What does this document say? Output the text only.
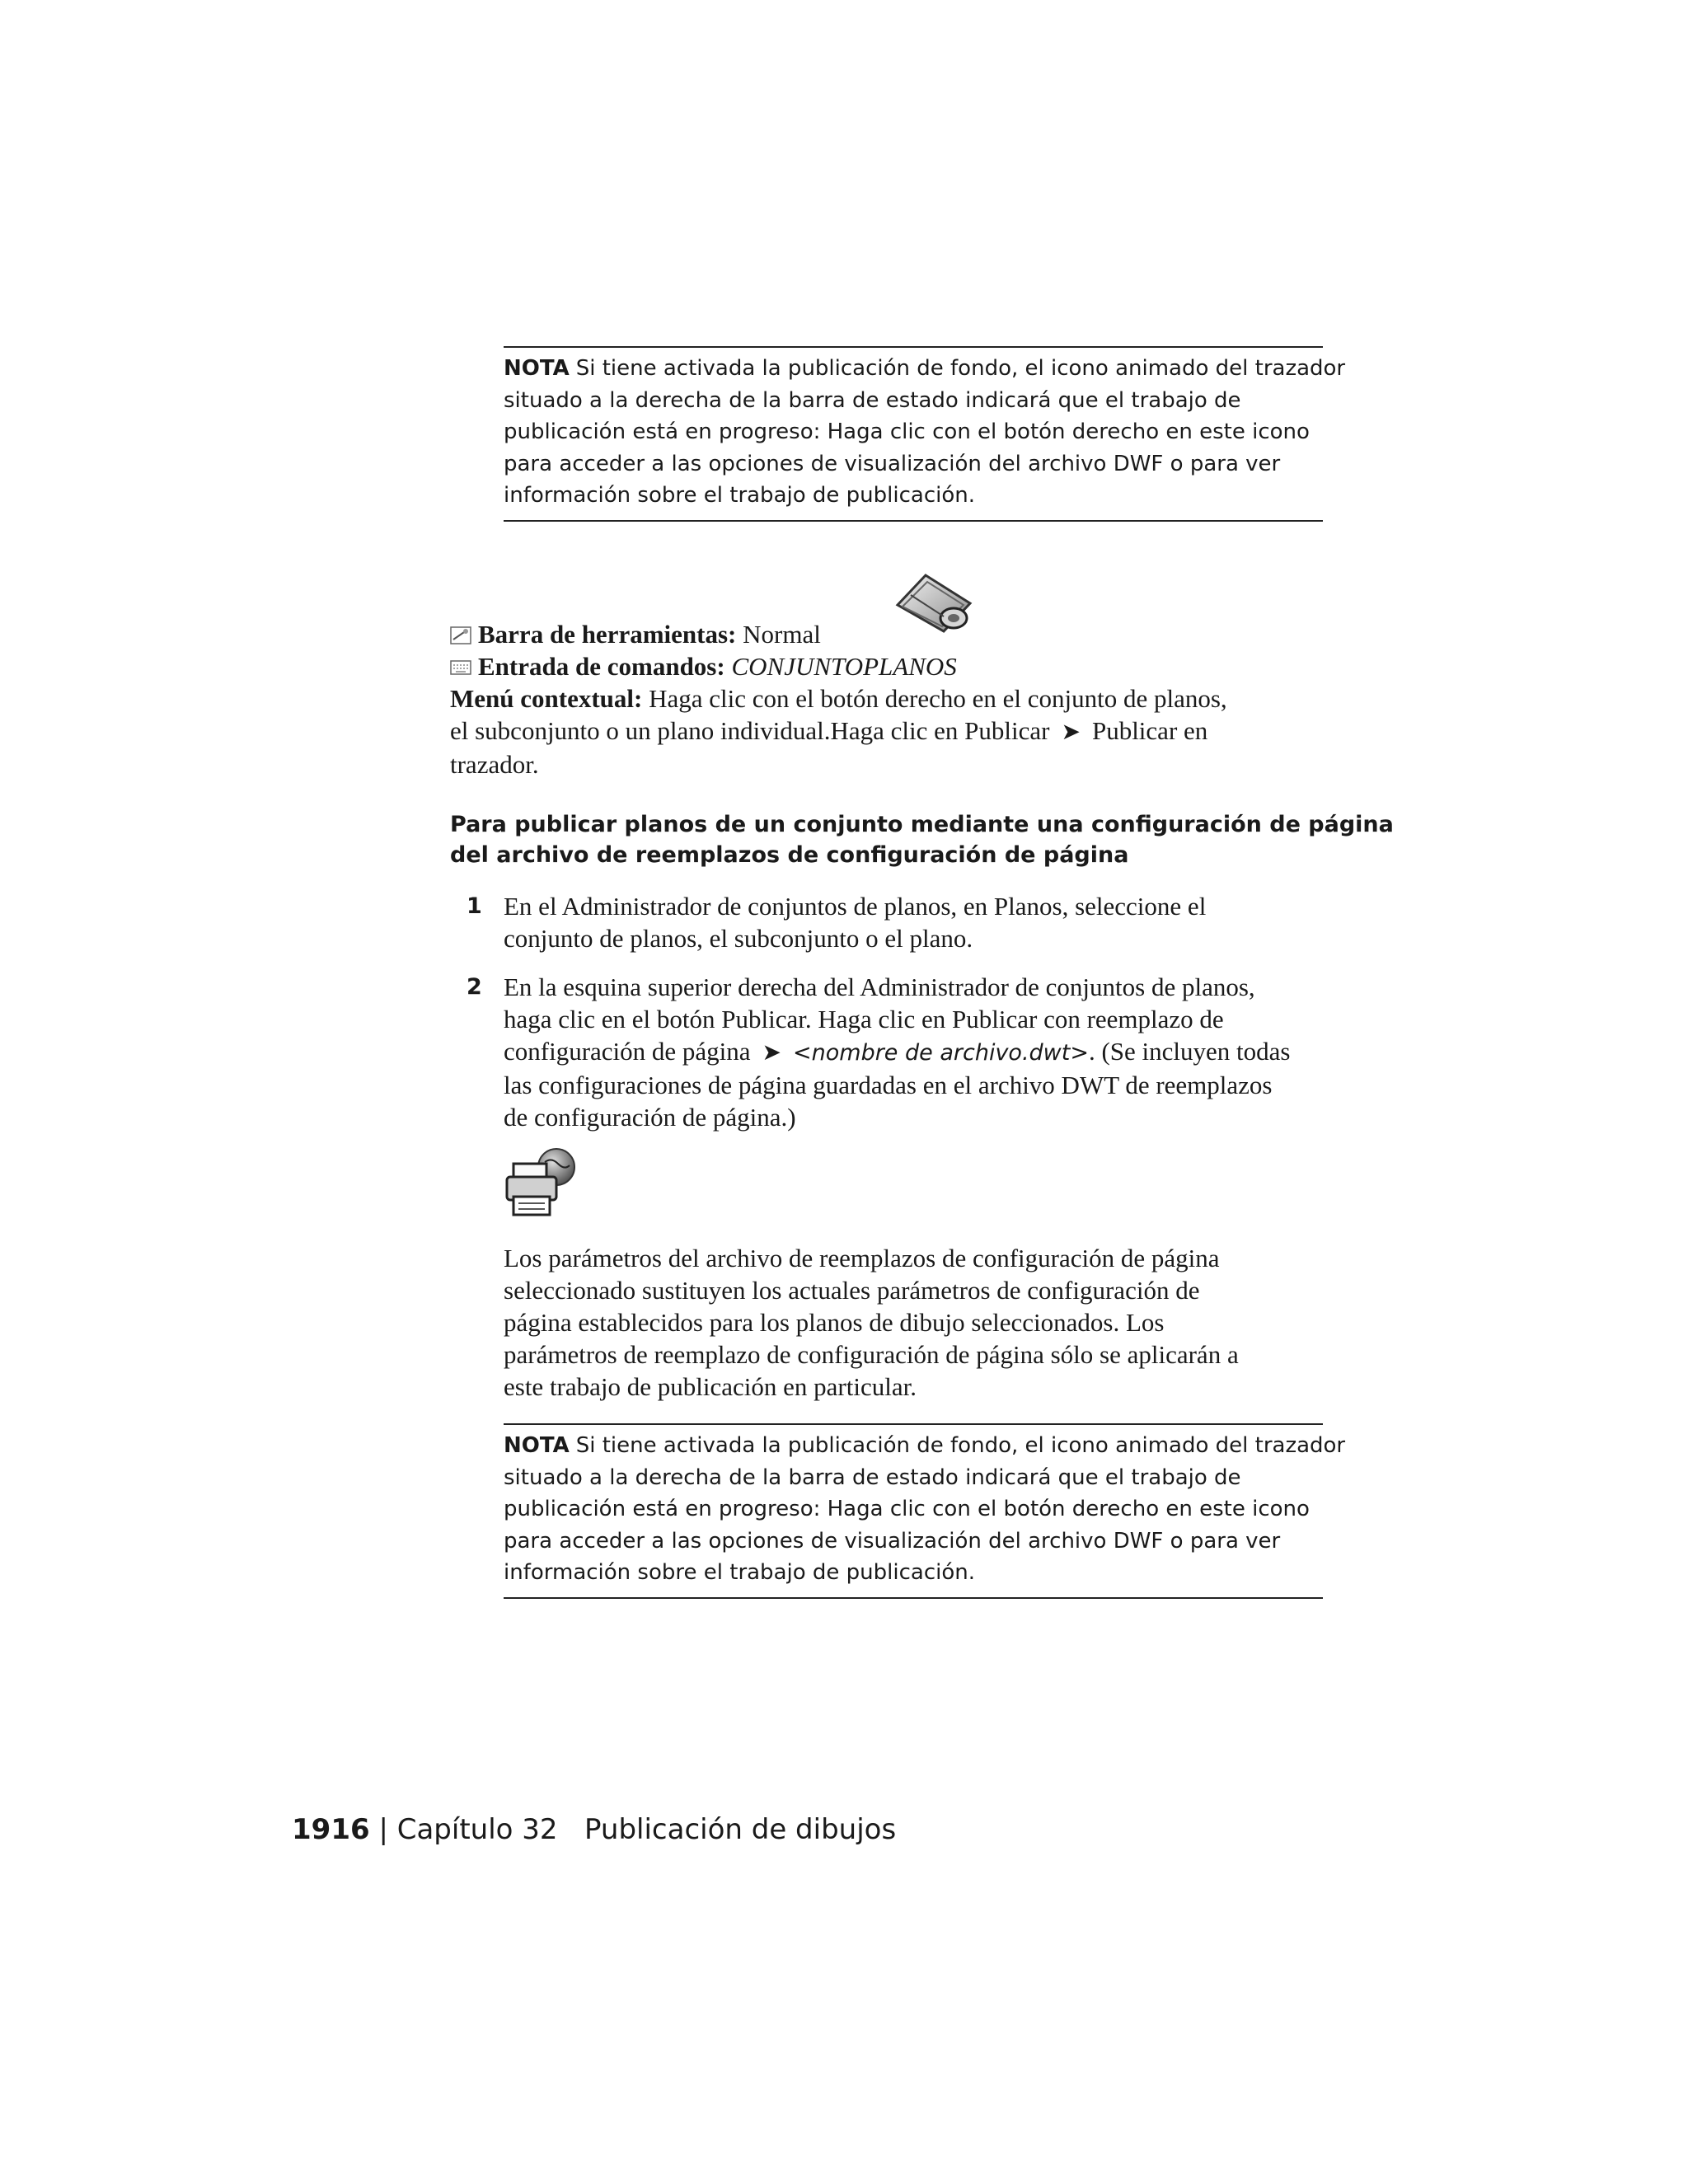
NOTA Si tiene activada la publicación de fondo, el icono animado del trazador
situado a la derecha de la barra de estado indicará que el trabajo de
publicación está en progreso: Haga clic con el botón derecho en este icono
para acceder a las opciones de visualización del archivo DWF o para ver
información sobre el trabajo de publicación.
Barra de herramientas: Normal
Entrada de comandos: CONJUNTOPLANOS
Menú contextual: Haga clic con el botón derecho en el conjunto de planos,
el subconjunto o un plano individual.Haga clic en Publicar ➤ Publicar en
trazador.
Para publicar planos de un conjunto mediante una configuración de página
del archivo de reemplazos de configuración de página
1 En el Administrador de conjuntos de planos, en Planos, seleccione el
conjunto de planos, el subconjunto o el plano.
2 En la esquina superior derecha del Administrador de conjuntos de planos,
haga clic en el botón Publicar. Haga clic en Publicar con reemplazo de
configuración de página ➤ <nombre de archivo.dwt>. (Se incluyen todas
las configuraciones de página guardadas en el archivo DWT de reemplazos
de configuración de página.)
Los parámetros del archivo de reemplazos de configuración de página
seleccionado sustituyen los actuales parámetros de configuración de
página establecidos para los planos de dibujo seleccionados. Los
parámetros de reemplazo de configuración de página sólo se aplicarán a
este trabajo de publicación en particular.
NOTA Si tiene activada la publicación de fondo, el icono animado del trazador
situado a la derecha de la barra de estado indicará que el trabajo de
publicación está en progreso: Haga clic con el botón derecho en este icono
para acceder a las opciones de visualización del archivo DWF o para ver
información sobre el trabajo de publicación.
1916 | Capítulo 32 Publicación de dibujos
